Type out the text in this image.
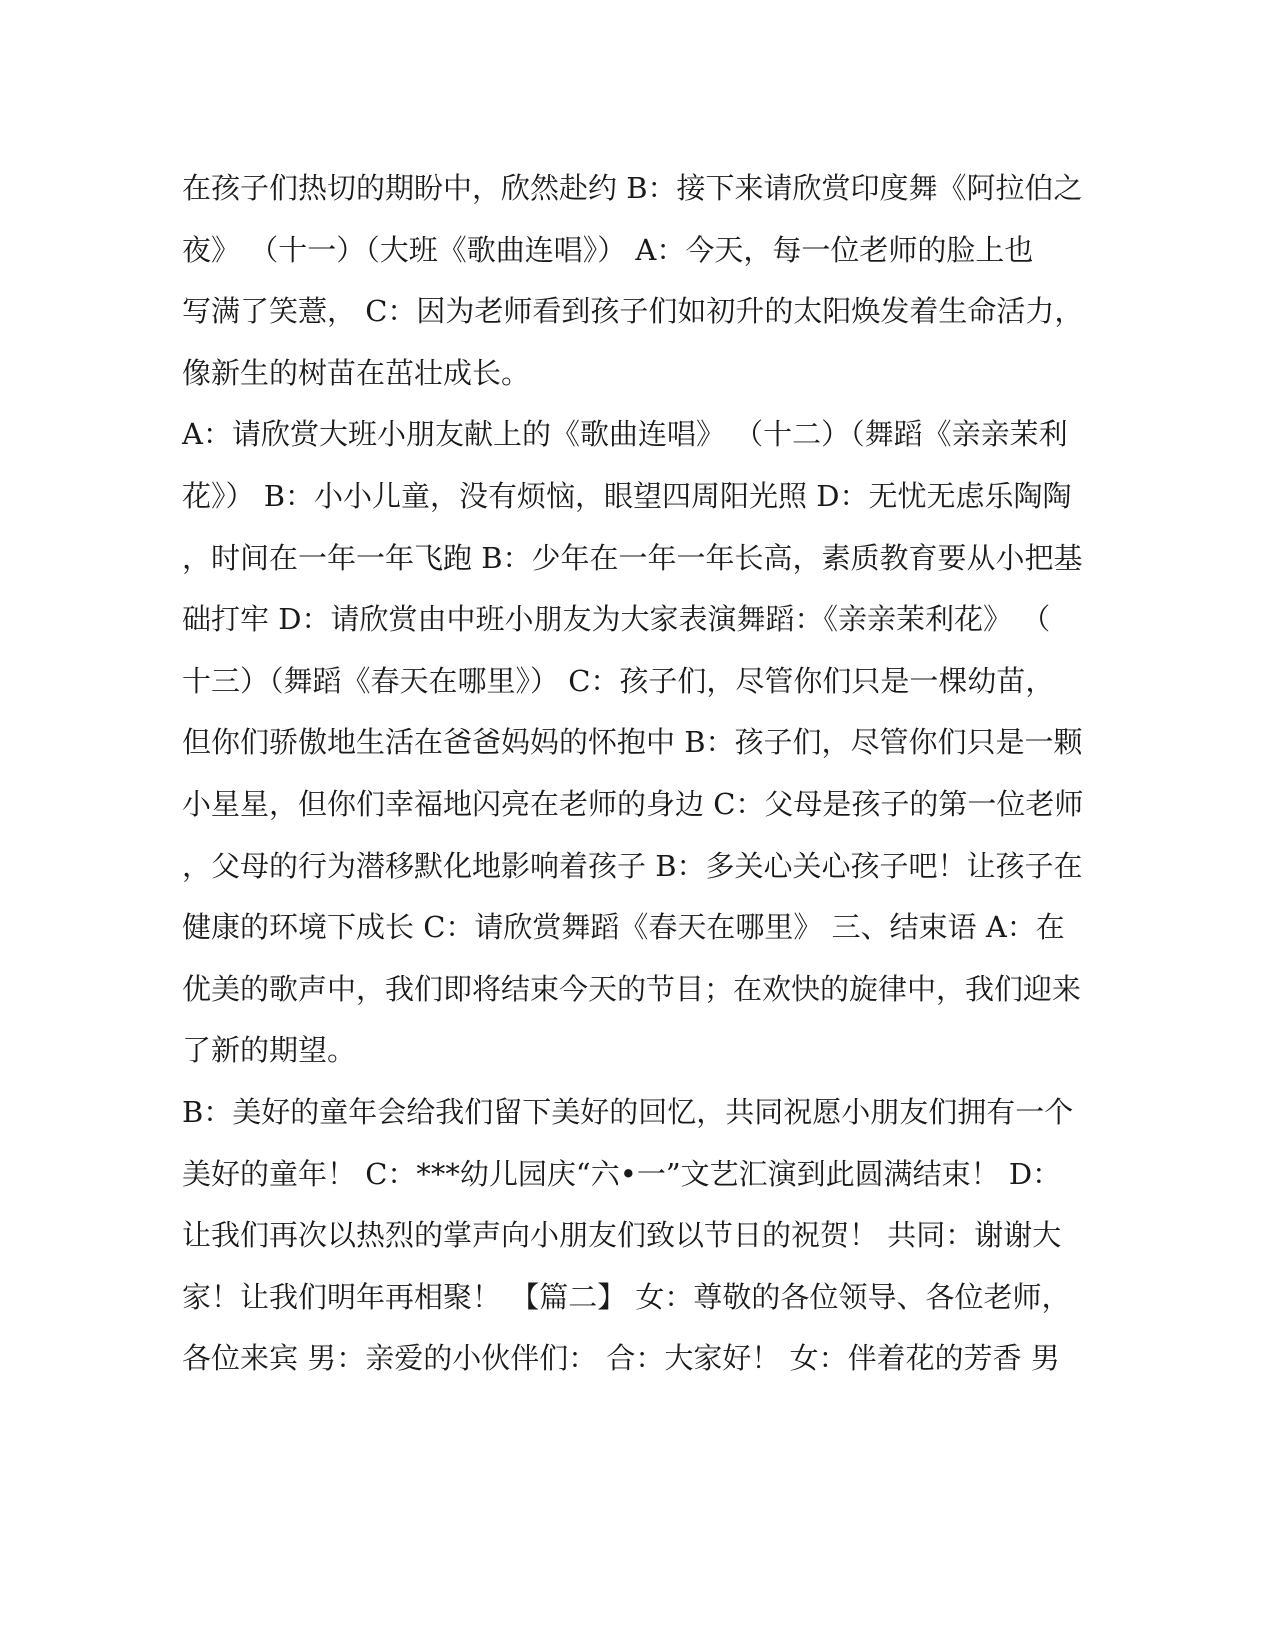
在孩子们热切的期盼中，欣然赴约 B：接下来请欣赏印度舞《阿拉伯之
夜》 （十一）（大班《歌曲连唱》） A：今天，每一位老师的脸上也
写满了笑薏， C：因为老师看到孩子们如初升的太阳焕发着生命活力，
像新生的树苗在茁壮成长。
A：请欣赏大班小朋友献上的《歌曲连唱》 （十二）（舞蹈《亲亲茉利
花》） B：小小儿童，没有烦恼，眼望四周阳光照 D：无忧无虑乐陶陶
，时间在一年一年飞跑 B：少年在一年一年长高，素质教育要从小把基
础打牢 D：请欣赏由中班小朋友为大家表演舞蹈：《亲亲茉利花》 （
十三）（舞蹈《春天在哪里》） C：孩子们，尽管你们只是一棵幼苗，
但你们骄傲地生活在爸爸妈妈的怀抱中 B：孩子们，尽管你们只是一颗
小星星，但你们幸福地闪亮在老师的身边 C：父母是孩子的第一位老师
，父母的行为潜移默化地影响着孩子 B：多关心关心孩子吧！让孩子在
健康的环境下成长 C：请欣赏舞蹈《春天在哪里》 三、结束语 A：在
优美的歌声中，我们即将结束今天的节目；在欢快的旋律中，我们迎来
了新的期望。
B：美好的童年会给我们留下美好的回忆，共同祝愿小朋友们拥有一个
美好的童年！ C：***幼儿园庆“六•一”文艺汇演到此圆满结束！ D：
让我们再次以热烈的掌声向小朋友们致以节日的祝贺！ 共同：谢谢大
家！让我们明年再相聚！ 【篇二】 女：尊敬的各位领导、各位老师，
各位来宾 男：亲爱的小伙伴们： 合：大家好！ 女：伴着花的芳香 男
